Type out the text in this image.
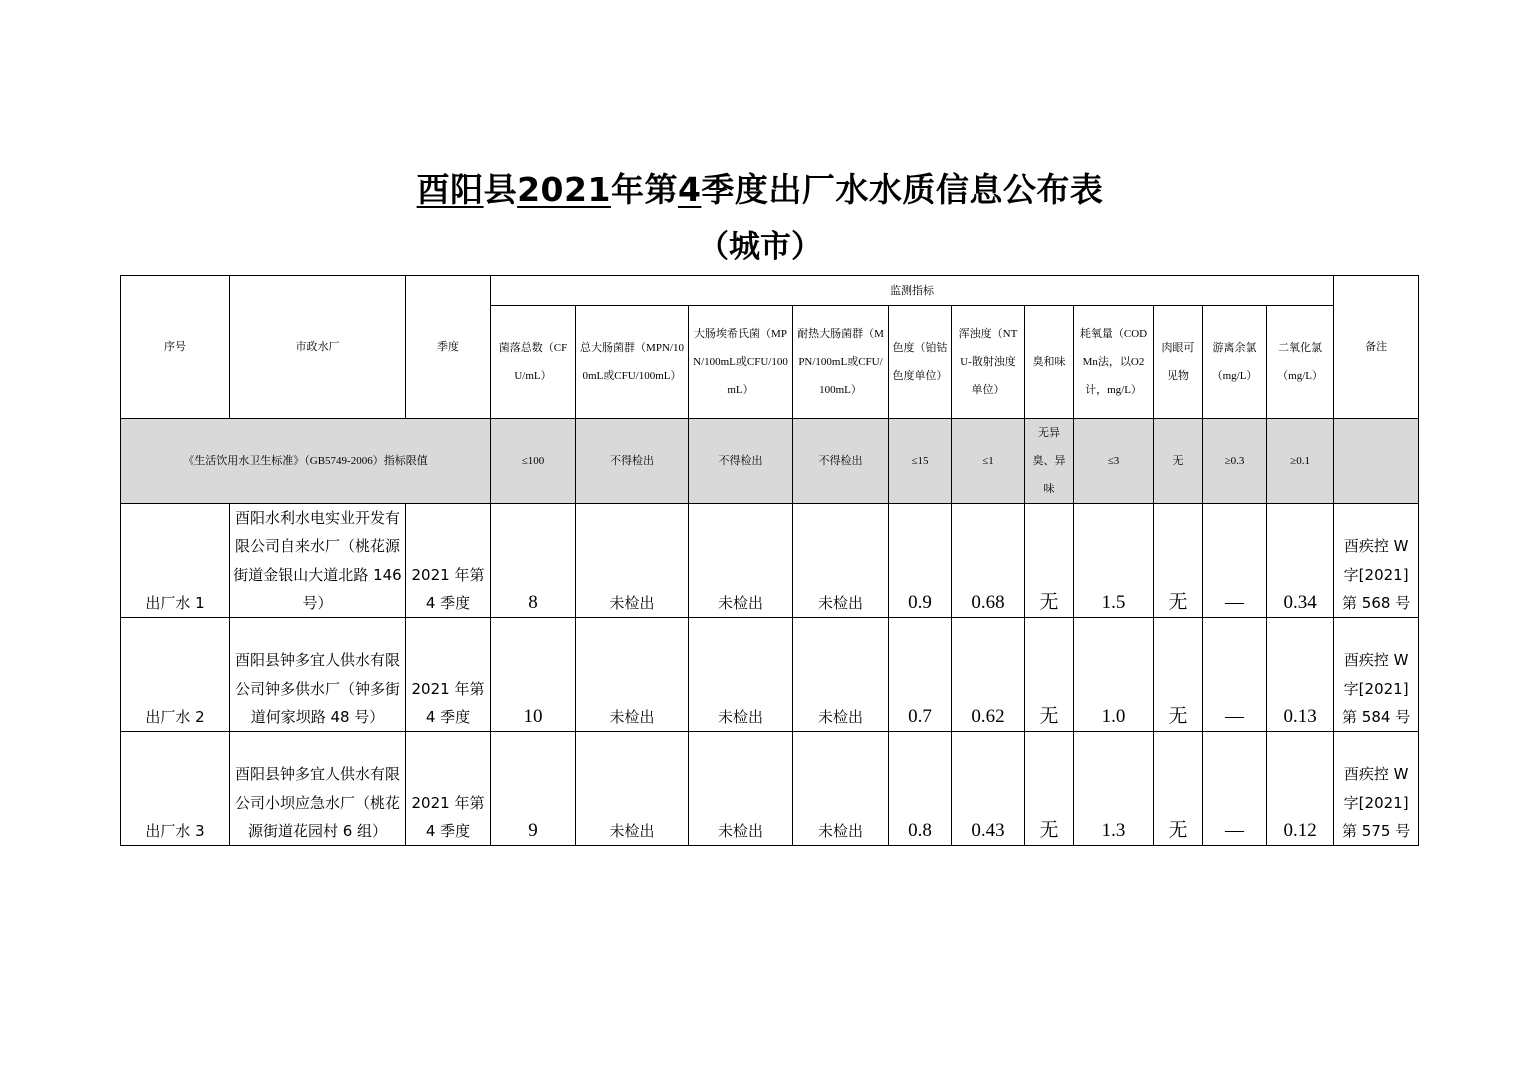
酉阳县2021年第4季度出厂水水质信息公布表
（城市）
序号	市政水厂	季度	监测指标											备注
			菌落总数（CFU/mL）	总大肠菌群（MPN/100mL或CFU/100mL）	大肠埃希氏菌（MPN/100mL或CFU/100mL）	耐热大肠菌群（MPN/100mL或CFU/100mL）	色度（铂钴色度单位）	浑浊度（NTU-散射浊度单位）	臭和味	耗氧量（CODMn法，以O2计，mg/L）	肉眼可见物	游离余氯（mg/L）	二氧化氯（mg/L）	
《生活饮用水卫生标准》（GB5749-2006）指标限值			≤100	不得检出	不得检出	不得检出	≤15	≤1	无异臭、异味	≤3	无	≥0.3	≥0.1	
出厂水 1	酉阳水利水电实业开发有限公司自来水厂（桃花源街道金银山大道北路 146 号）	2021 年第 4 季度	8	未检出	未检出	未检出	0.9	0.68	无	1.5	无	—	0.34	酉疾控 W 字[2021]第 568 号
出厂水 2	酉阳县钟多宜人供水有限公司钟多供水厂（钟多街道何家坝路 48 号）	2021 年第 4 季度	10	未检出	未检出	未检出	0.7	0.62	无	1.0	无	—	0.13	酉疾控 W 字[2021]第 584 号
出厂水 3	酉阳县钟多宜人供水有限公司小坝应急水厂（桃花源街道花园村 6 组）	2021 年第 4 季度	9	未检出	未检出	未检出	0.8	0.43	无	1.3	无	—	0.12	酉疾控 W 字[2021]第 575 号
